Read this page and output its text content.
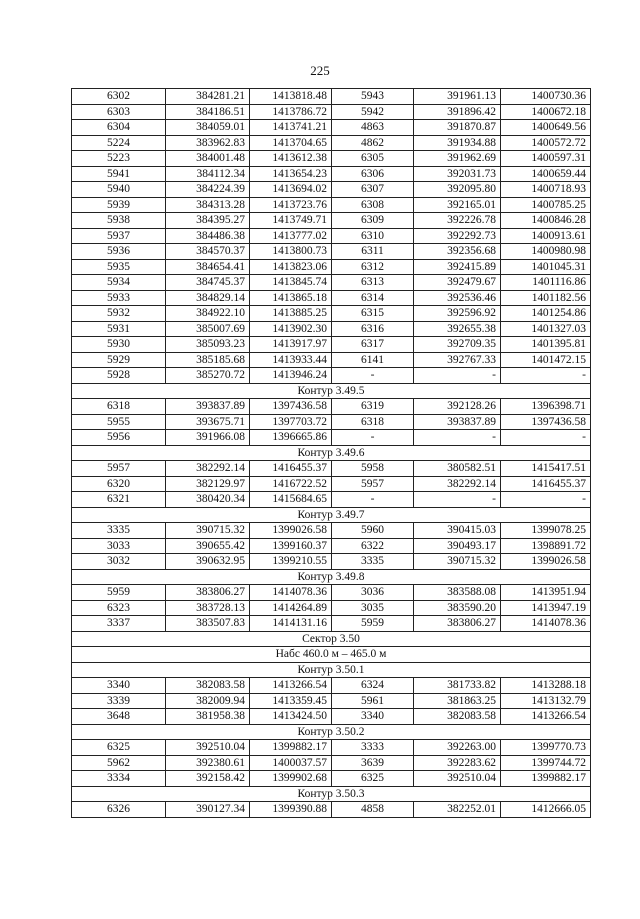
225
6302	384281.21	1413818.48	5943	391961.13	1400730.36
6303	384186.51	1413786.72	5942	391896.42	1400672.18
6304	384059.01	1413741.21	4863	391870.87	1400649.56
5224	383962.83	1413704.65	4862	391934.88	1400572.72
5223	384001.48	1413612.38	6305	391962.69	1400597.31
5941	384112.34	1413654.23	6306	392031.73	1400659.44
5940	384224.39	1413694.02	6307	392095.80	1400718.93
5939	384313.28	1413723.76	6308	392165.01	1400785.25
5938	384395.27	1413749.71	6309	392226.78	1400846.28
5937	384486.38	1413777.02	6310	392292.73	1400913.61
5936	384570.37	1413800.73	6311	392356.68	1400980.98
5935	384654.41	1413823.06	6312	392415.89	1401045.31
5934	384745.37	1413845.74	6313	392479.67	1401116.86
5933	384829.14	1413865.18	6314	392536.46	1401182.56
5932	384922.10	1413885.25	6315	392596.92	1401254.86
5931	385007.69	1413902.30	6316	392655.38	1401327.03
5930	385093.23	1413917.97	6317	392709.35	1401395.81
5929	385185.68	1413933.44	6141	392767.33	1401472.15
5928	385270.72	1413946.24	-	-	-
Контур 3.49.5					
6318	393837.89	1397436.58	6319	392128.26	1396398.71
5955	393675.71	1397703.72	6318	393837.89	1397436.58
5956	391966.08	1396665.86	-	-	-
Контур 3.49.6					
5957	382292.14	1416455.37	5958	380582.51	1415417.51
6320	382129.97	1416722.52	5957	382292.14	1416455.37
6321	380420.34	1415684.65	-	-	-
Контур 3.49.7					
3335	390715.32	1399026.58	5960	390415.03	1399078.25
3033	390655.42	1399160.37	6322	390493.17	1398891.72
3032	390632.95	1399210.55	3335	390715.32	1399026.58
Контур 3.49.8					
5959	383806.27	1414078.36	3036	383588.08	1413951.94
6323	383728.13	1414264.89	3035	383590.20	1413947.19
3337	383507.83	1414131.16	5959	383806.27	1414078.36
Сектор 3.50					
Набс 460.0 м – 465.0 м					
Контур 3.50.1					
3340	382083.58	1413266.54	6324	381733.82	1413288.18
3339	382009.94	1413359.45	5961	381863.25	1413132.79
3648	381958.38	1413424.50	3340	382083.58	1413266.54
Контур 3.50.2					
6325	392510.04	1399882.17	3333	392263.00	1399770.73
5962	392380.61	1400037.57	3639	392283.62	1399744.72
3334	392158.42	1399902.68	6325	392510.04	1399882.17
Контур 3.50.3					
6326	390127.34	1399390.88	4858	382252.01	1412666.05
